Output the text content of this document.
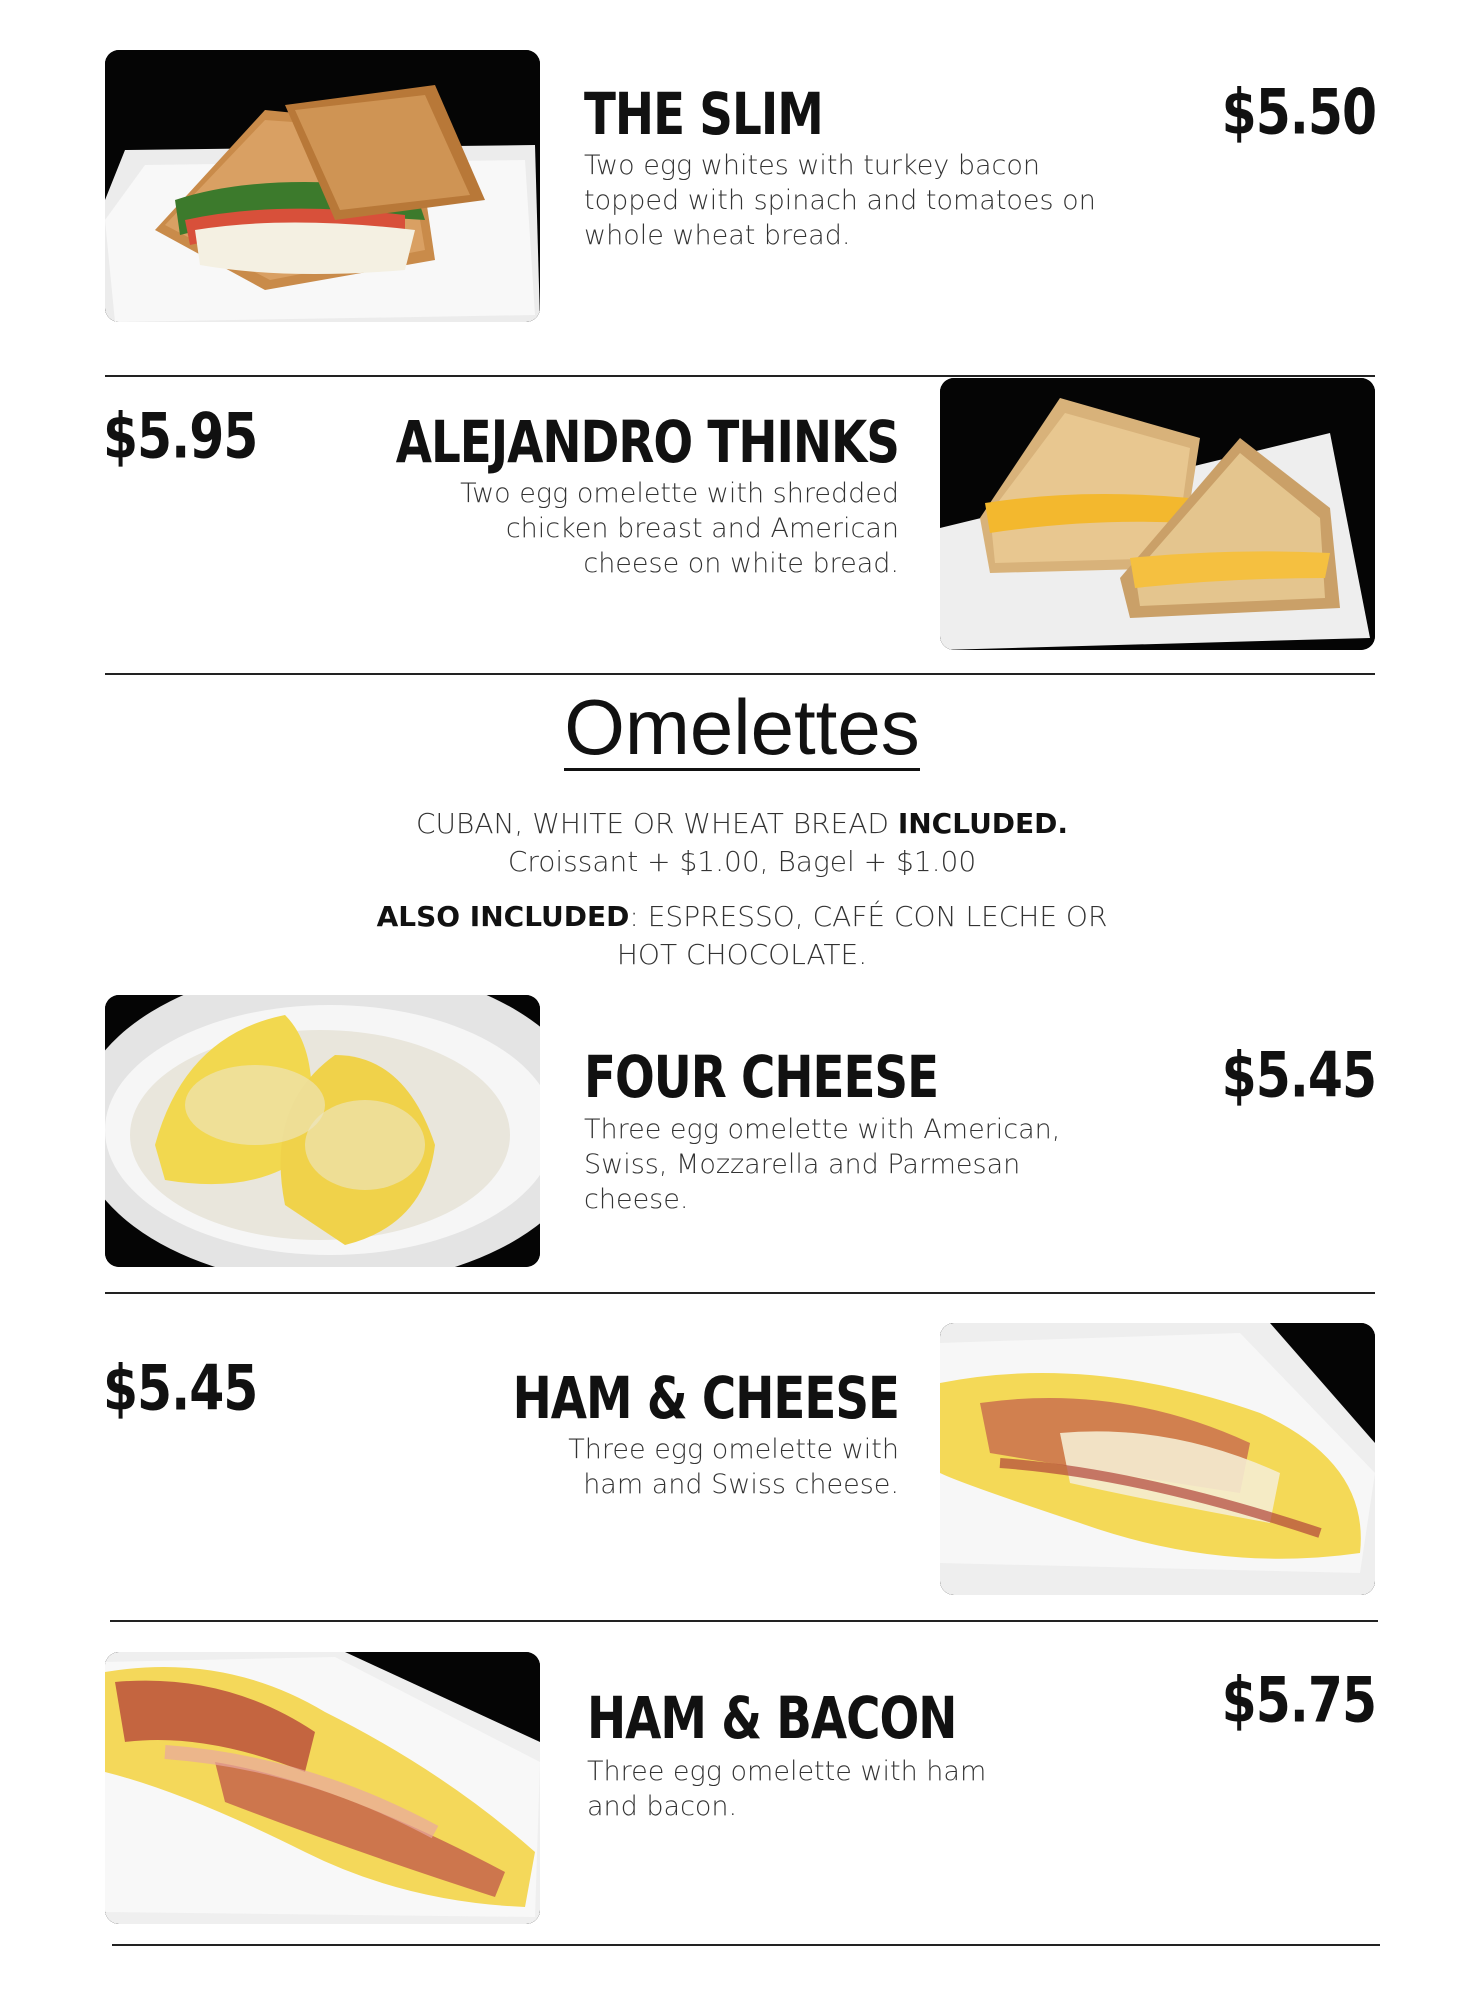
THE SLIM	$5.50
Two egg whites with turkey bacon
topped with spinach and tomatoes on
whole wheat bread.
ALEJANDRO THINKS
$5.95
Two egg omelette with shredded
chicken breast and American
cheese on white bread.
Omelettes
CUBAN, WHITE OR WHEAT BREAD INCLUDED.
Croissant + $1.00, Bagel + $1.00
ALSO INCLUDED: ESPRESSO, CAFÉ CON LECHE OR
HOT CHOCOLATE.
FOUR CHEESE	$5.45
Three egg omelette with American,
Swiss, Mozzarella and Parmesan
cheese.
HAM & CHEESE
$5.45
Three egg omelette with
ham and Swiss cheese.
HAM & BACON	$5.75
Three egg omelette with ham
and bacon.
